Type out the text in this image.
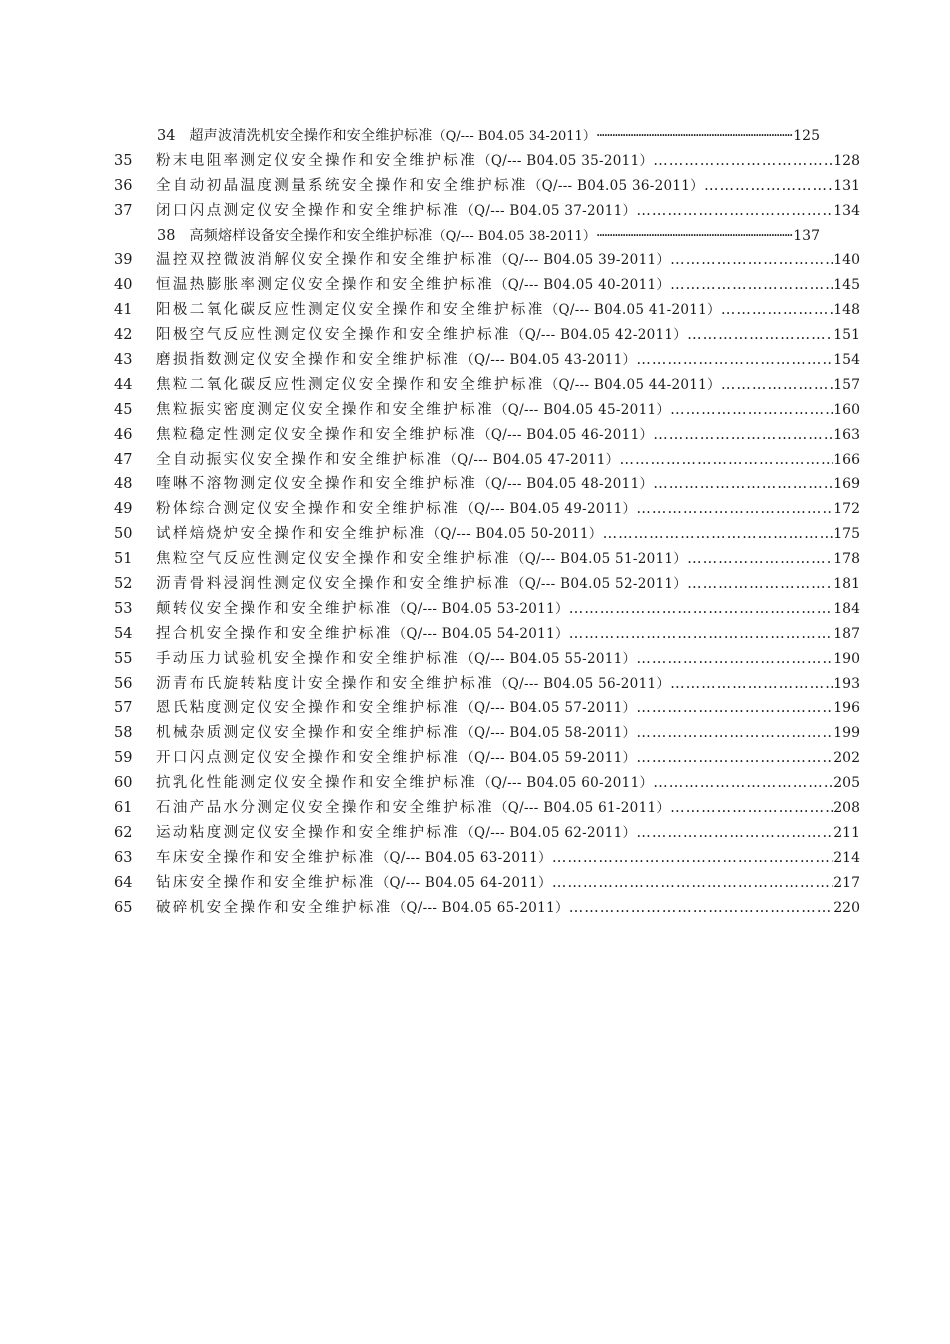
34	超声波清洗机安全操作和安全维护标准 （Q/--- B04.05 34-2011） ·····	125
35	粉末电阻率测定仪安全操作和安全维护标准 （Q/--- B04.05 35-2011） ……………………………………………………………………………………………………………………………………	128
36	全自动初晶温度测量系统安全操作和安全维护标准 （Q/--- B04.05 36-2011） ……………………………………………………………………………………………………………………………………	131
37	闭口闪点测定仪安全操作和安全维护标准 （Q/--- B04.05 37-2011） ……………………………………………………………………………………………………………………………………	134
38	高频熔样设备安全操作和安全维护标准 （Q/--- B04.05 38-2011） ·····	137
39	温控双控微波消解仪安全操作和安全维护标准 （Q/--- B04.05 39-2011） ……………………………………………………………………………………………………………………………………	140
40	恒温热膨胀率测定仪安全操作和安全维护标准 （Q/--- B04.05 40-2011） ……………………………………………………………………………………………………………………………………	145
41	阳极二氧化碳反应性测定仪安全操作和安全维护标准 （Q/--- B04.05 41-2011） ……………………………………………………………………………………………………………………………………	148
42	阳极空气反应性测定仪安全操作和安全维护标准 （Q/--- B04.05 42-2011） ……………………………………………………………………………………………………………………………………	151
43	磨损指数测定仪安全操作和安全维护标准 （Q/--- B04.05 43-2011） ……………………………………………………………………………………………………………………………………	154
44	焦粒二氧化碳反应性测定仪安全操作和安全维护标准 （Q/--- B04.05 44-2011） ……………………………………………………………………………………………………………………………………	157
45	焦粒振实密度测定仪安全操作和安全维护标准 （Q/--- B04.05 45-2011） ……………………………………………………………………………………………………………………………………	160
46	焦粒稳定性测定仪安全操作和安全维护标准 （Q/--- B04.05 46-2011） ……………………………………………………………………………………………………………………………………	163
47	全自动振实仪安全操作和安全维护标准 （Q/--- B04.05 47-2011） ……………………………………………………………………………………………………………………………………	166
48	喹啉不溶物测定仪安全操作和安全维护标准 （Q/--- B04.05 48-2011） ……………………………………………………………………………………………………………………………………	169
49	粉体综合测定仪安全操作和安全维护标准 （Q/--- B04.05 49-2011） ……………………………………………………………………………………………………………………………………	172
50	试样焙烧炉安全操作和安全维护标准 （Q/--- B04.05 50-2011） ……………………………………………………………………………………………………………………………………	175
51	焦粒空气反应性测定仪安全操作和安全维护标准 （Q/--- B04.05 51-2011） ……………………………………………………………………………………………………………………………………	178
52	沥青骨料浸润性测定仪安全操作和安全维护标准 （Q/--- B04.05 52-2011） ……………………………………………………………………………………………………………………………………	181
53	颠转仪安全操作和安全维护标准 （Q/--- B04.05 53-2011） ……………………………………………………………………………………………………………………………………	184
54	捏合机安全操作和安全维护标准 （Q/--- B04.05 54-2011） ……………………………………………………………………………………………………………………………………	187
55	手动压力试验机安全操作和安全维护标准 （Q/--- B04.05 55-2011） ……………………………………………………………………………………………………………………………………	190
56	沥青布氏旋转粘度计安全操作和安全维护标准 （Q/--- B04.05 56-2011） ……………………………………………………………………………………………………………………………………	193
57	恩氏粘度测定仪安全操作和安全维护标准 （Q/--- B04.05 57-2011） ……………………………………………………………………………………………………………………………………	196
58	机械杂质测定仪安全操作和安全维护标准 （Q/--- B04.05 58-2011） ……………………………………………………………………………………………………………………………………	199
59	开口闪点测定仪安全操作和安全维护标准 （Q/--- B04.05 59-2011） ……………………………………………………………………………………………………………………………………	202
60	抗乳化性能测定仪安全操作和安全维护标准 （Q/--- B04.05 60-2011） ……………………………………………………………………………………………………………………………………	205
61	石油产品水分测定仪安全操作和安全维护标准 （Q/--- B04.05 61-2011） ……………………………………………………………………………………………………………………………………	208
62	运动粘度测定仪安全操作和安全维护标准 （Q/--- B04.05 62-2011） ……………………………………………………………………………………………………………………………………	211
63	车床安全操作和安全维护标准 （Q/--- B04.05 63-2011） ……………………………………………………………………………………………………………………………………	214
64	钻床安全操作和安全维护标准 （Q/--- B04.05 64-2011） ……………………………………………………………………………………………………………………………………	217
65	破碎机安全操作和安全维护标准 （Q/--- B04.05 65-2011） ……………………………………………………………………………………………………………………………………	220
